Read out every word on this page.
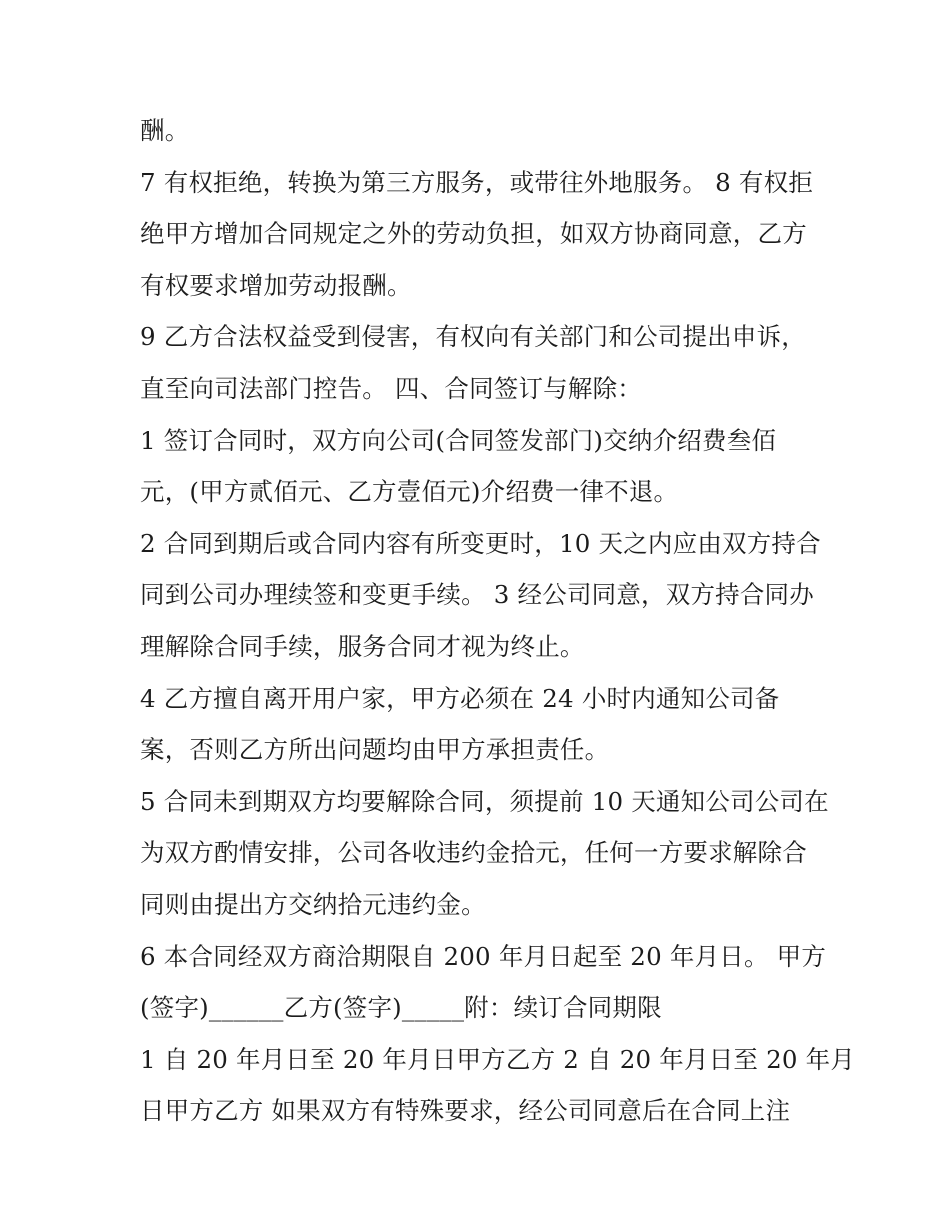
酬。
7 有权拒绝，转换为第三方服务，或带往外地服务。 8 有权拒
绝甲方增加合同规定之外的劳动负担，如双方协商同意，乙方
有权要求增加劳动报酬。
9 乙方合法权益受到侵害，有权向有关部门和公司提出申诉，
直至向司法部门控告。 四、合同签订与解除：
1 签订合同时，双方向公司(合同签发部门)交纳介绍费叁佰
元，(甲方贰佰元、乙方壹佰元)介绍费一律不退。
2 合同到期后或合同内容有所变更时，10 天之内应由双方持合
同到公司办理续签和变更手续。 3 经公司同意，双方持合同办
理解除合同手续，服务合同才视为终止。
4 乙方擅自离开用户家，甲方必须在 24 小时内通知公司备
案，否则乙方所出问题均由甲方承担责任。
5 合同未到期双方均要解除合同，须提前 10 天通知公司公司在
为双方酌情安排，公司各收违约金拾元，任何一方要求解除合
同则由提出方交纳拾元违约金。
6 本合同经双方商洽期限自 200 年月日起至 20 年月日。 甲方
(签字)______乙方(签字)_____附：续订合同期限
1 自 20 年月日至 20 年月日甲方乙方 2 自 20 年月日至 20 年月
日甲方乙方 如果双方有特殊要求，经公司同意后在合同上注
